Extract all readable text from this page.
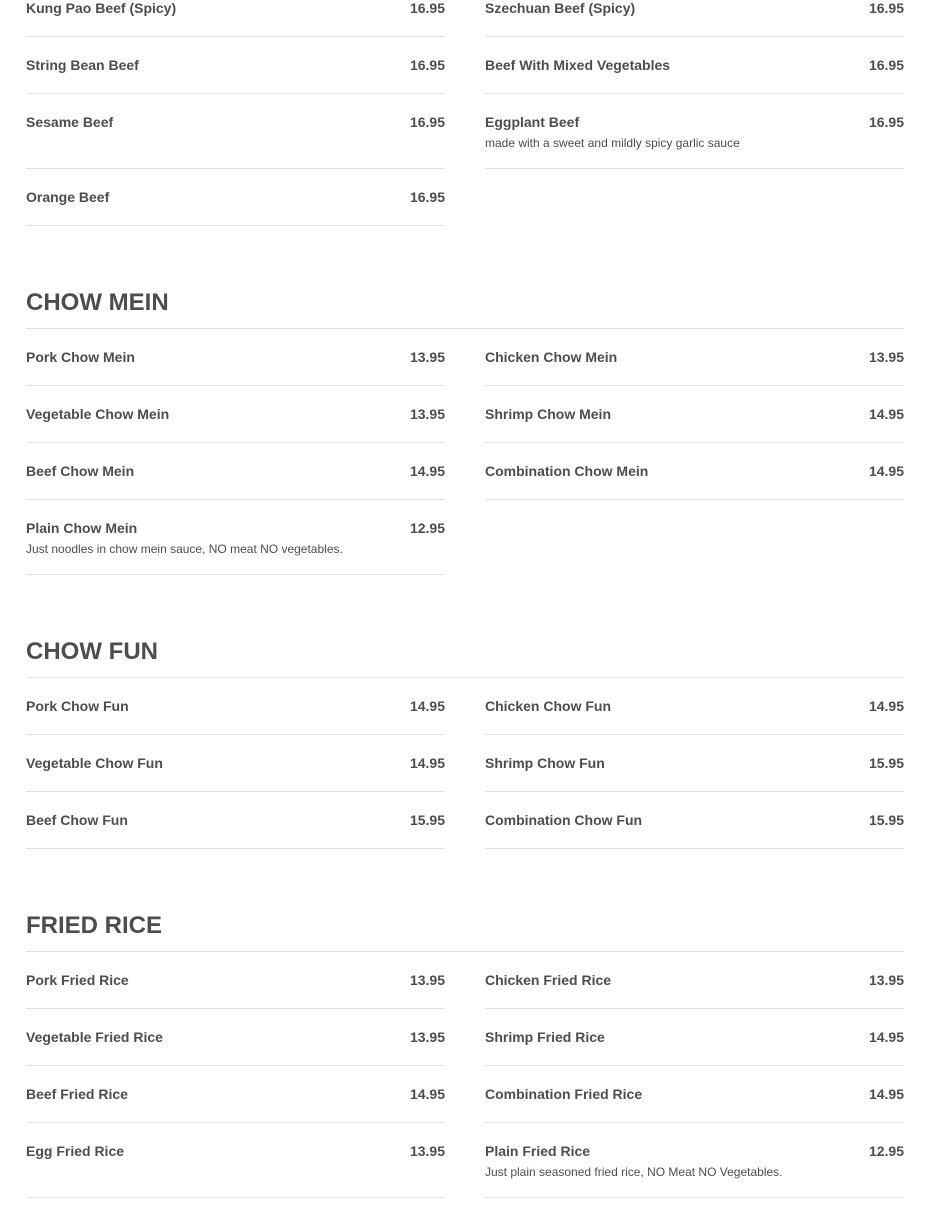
Kung Pao Beef (Spicy)	16.95	Szechuan Beef (Spicy)	16.95
String Bean Beef	16.95	Beef With Mixed Vegetables	16.95
Sesame Beef	16.95	Eggplant Beef	16.95
made with a sweet and mildly spicy garlic sauce
Orange Beef	16.95
CHOW MEIN
Pork Chow Mein	13.95	Chicken Chow Mein	13.95
Vegetable Chow Mein	13.95	Shrimp Chow Mein	14.95
Beef Chow Mein	14.95	Combination Chow Mein	14.95
Plain Chow Mein	12.95
Just noodles in chow mein sauce, NO meat NO vegetables.
CHOW FUN
Pork Chow Fun	14.95	Chicken Chow Fun	14.95
Vegetable Chow Fun	14.95	Shrimp Chow Fun	15.95
Beef Chow Fun	15.95	Combination Chow Fun	15.95
FRIED RICE
Pork Fried Rice	13.95	Chicken Fried Rice	13.95
Vegetable Fried Rice	13.95	Shrimp Fried Rice	14.95
Beef Fried Rice	14.95	Combination Fried Rice	14.95
Egg Fried Rice	13.95	Plain Fried Rice	12.95
Just plain seasoned fried rice, NO Meat NO Vegetables.
